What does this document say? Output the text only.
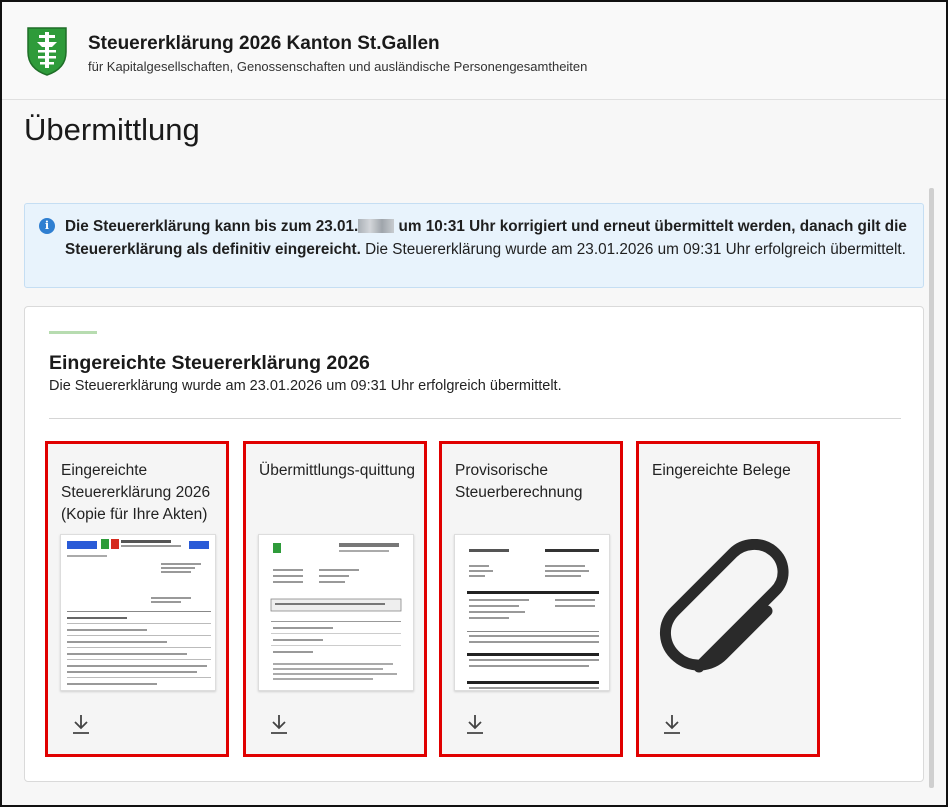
Steuererklärung 2026 Kanton St.Gallen
für Kapitalgesellschaften, Genossenschaften und ausländische Personengesamtheiten
Übermittlung
i	Die Steuererklärung kann bis zum 23.01. um 10:31 Uhr korrigiert und erneut übermittelt werden, danach gilt die Steuererklärung als definitiv eingereicht. Die Steuererklärung wurde am 23.01.2026 um 09:31 Uhr erfolgreich übermittelt.
Eingereichte Steuererklärung 2026
Die Steuererklärung wurde am 23.01.2026 um 09:31 Uhr erfolgreich übermittelt.
Eingereichte Steuererklärung 2026 (Kopie für Ihre Akten)
Übermittlungs-quittung	Provisorische Steuerberechnung
Eingereichte Belege
